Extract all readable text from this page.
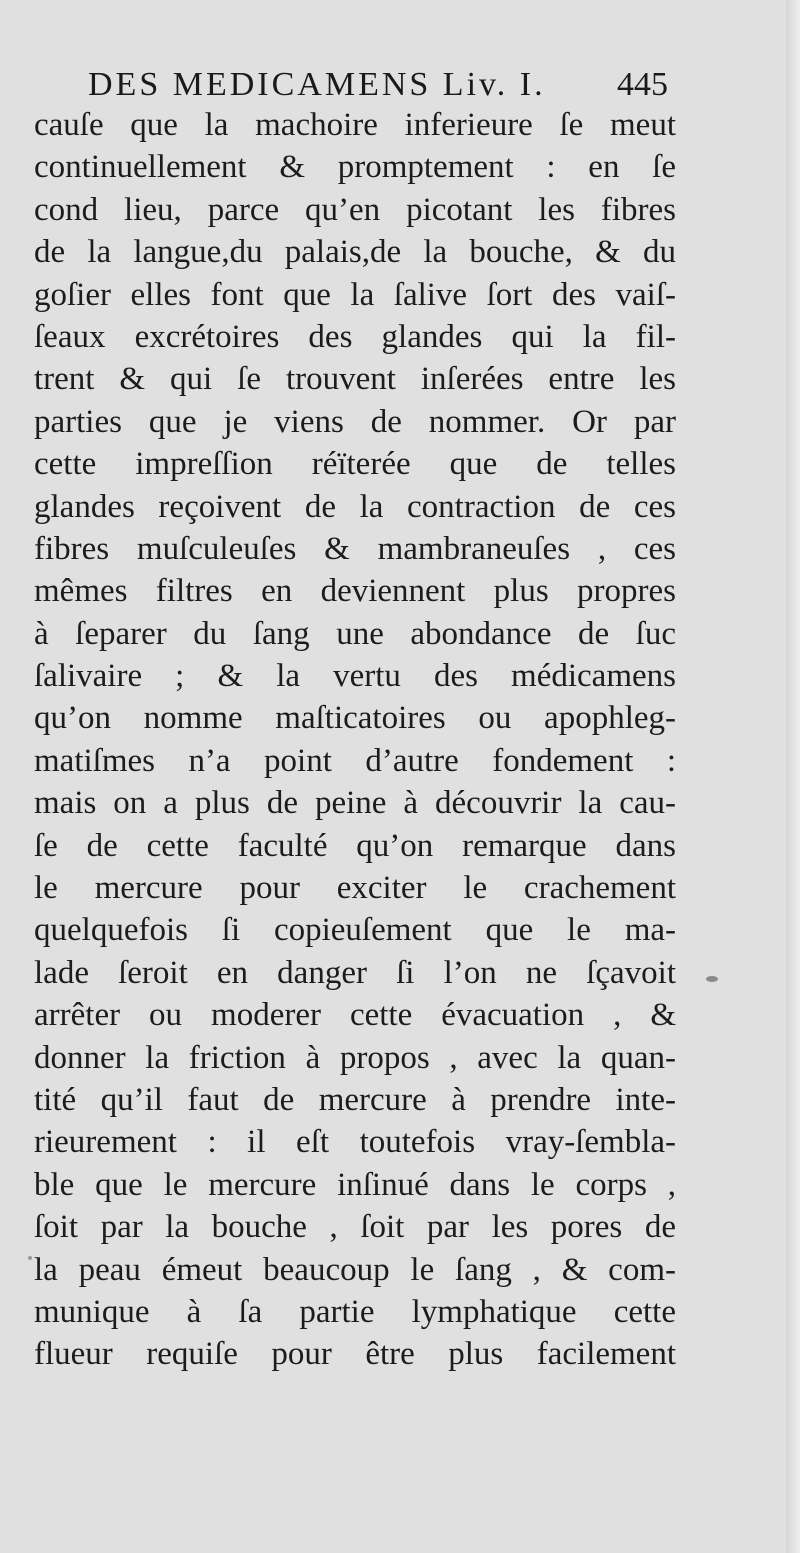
DES MEDICAMENS Liv. I. 445
cauſe que la machoire inferieure ſe meut
continuellement & promptement : en ſe
cond lieu, parce qu’en picotant les fibres
de la langue,du palais,de la bouche, & du
goſier elles font que la ſalive ſort des vaiſ-
ſeaux excrétoires des glandes qui la fil-
trent & qui ſe trouvent inſerées entre les
parties que je viens de nommer. Or par
cette impreſſion réïterée que de telles
glandes reçoivent de la contraction de ces
fibres muſculeuſes & mambraneuſes , ces
mêmes filtres en deviennent plus propres
à ſeparer du ſang une abondance de ſuc
ſalivaire ; & la vertu des médicamens
qu’on nomme maſticatoires ou apophleg-
matiſmes n’a point d’autre fondement :
mais on a plus de peine à découvrir la cau-
ſe de cette faculté qu’on remarque dans
le mercure pour exciter le crachement
quelquefois ſi copieuſement que le ma-
lade ſeroit en danger ſi l’on ne ſçavoit
arrêter ou moderer cette évacuation , &
donner la friction à propos , avec la quan-
tité qu’il faut de mercure à prendre inte-
rieurement : il eſt toutefois vray-ſembla-
ble que le mercure inſinué dans le corps ,
ſoit par la bouche , ſoit par les pores de
la peau émeut beaucoup le ſang , & com-
munique à ſa partie lymphatique cette
flueur requiſe pour être plus facilement
